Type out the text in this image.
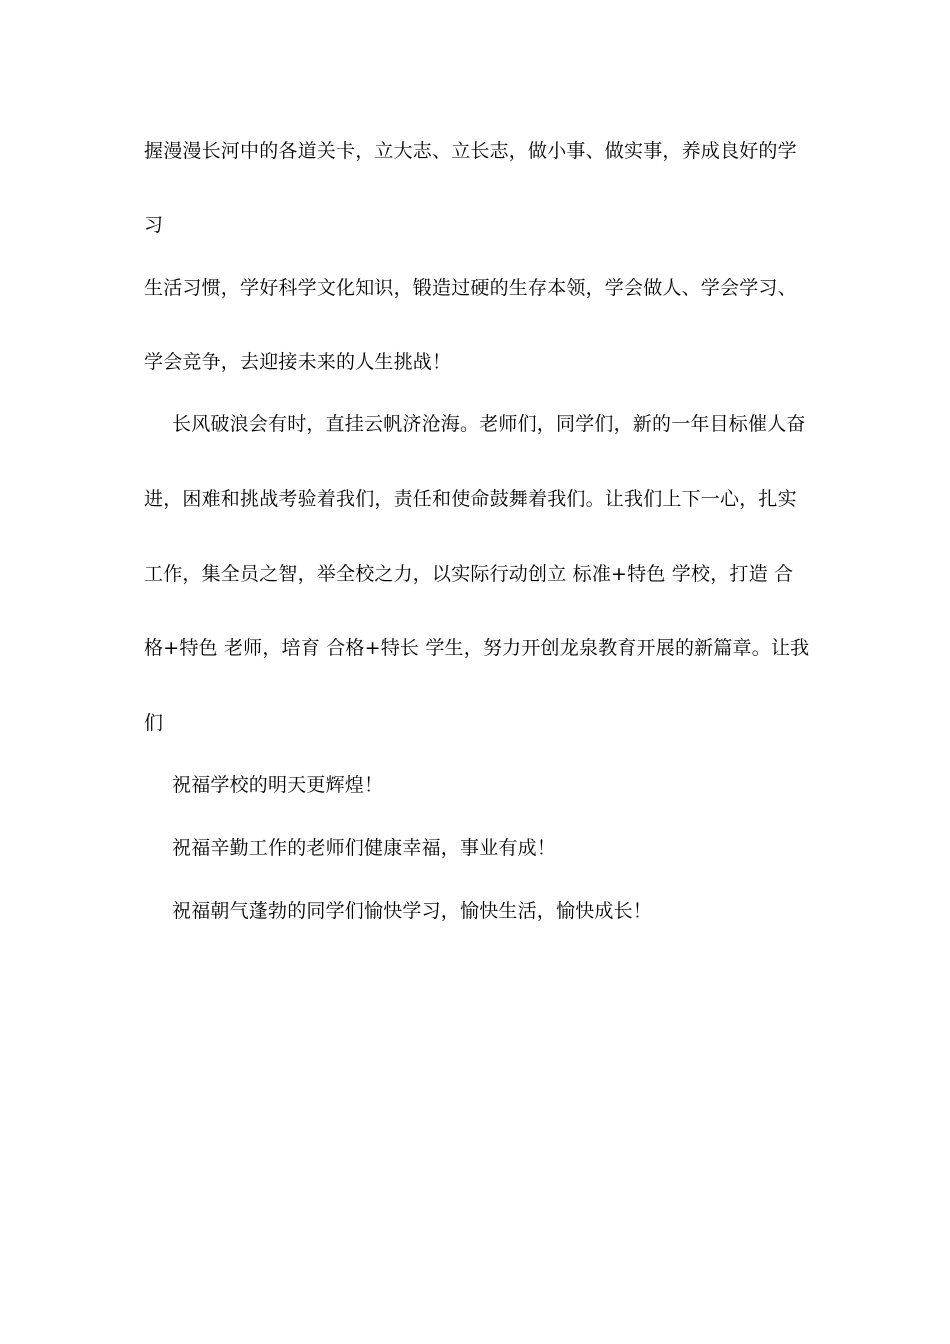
握漫漫长河中的各道关卡，立大志、立长志，做小事、做实事，养成良好的学
习
生活习惯，学好科学文化知识，锻造过硬的生存本领，学会做人、学会学习、
学会竞争，去迎接未来的人生挑战！
长风破浪会有时，直挂云帆济沧海。老师们，同学们，新的一年目标催人奋
进，困难和挑战考验着我们，责任和使命鼓舞着我们。让我们上下一心，扎实
工作，集全员之智，举全校之力，以实际行动创立 标准+特色 学校，打造 合
格+特色 老师，培育 合格+特长 学生，努力开创龙泉教育开展的新篇章。让我
们
祝福学校的明天更辉煌！
祝福辛勤工作的老师们健康幸福，事业有成！
祝福朝气蓬勃的同学们愉快学习，愉快生活，愉快成长！
